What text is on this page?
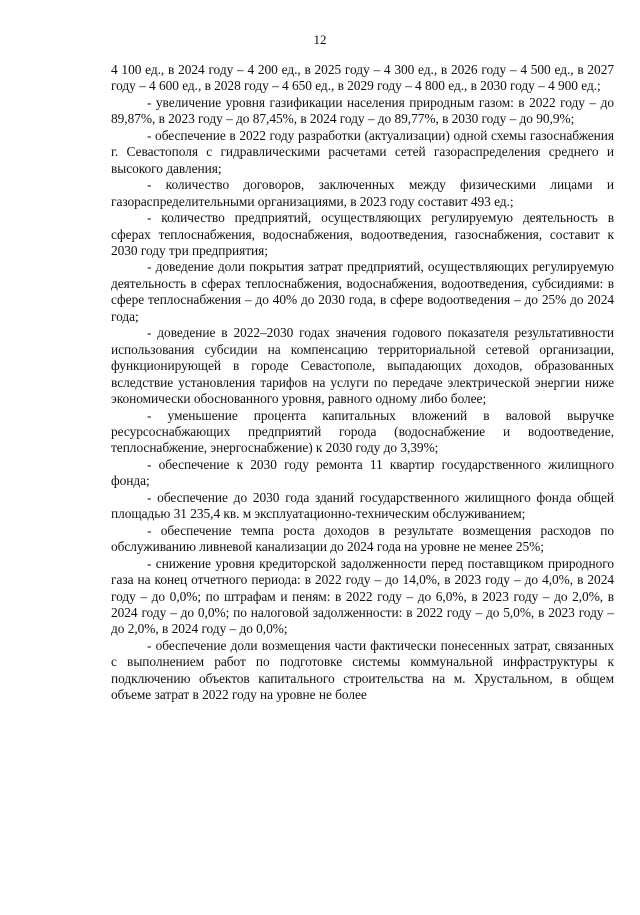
12

4 100 ед., в 2024 году – 4 200 ед., в 2025 году – 4 300 ед., в 2026 году – 4 500 ед., в 2027 году – 4 600 ед., в 2028 году – 4 650 ед., в 2029 году – 4 800 ед., в 2030 году – 4 900 ед.;

- увеличение уровня газификации населения природным газом: в 2022 году – до 89,87%, в 2023 году – до 87,45%, в 2024 году – до 89,77%, в 2030 году – до 90,9%;

- обеспечение в 2022 году разработки (актуализации) одной схемы газоснабжения г. Севастополя с гидравлическими расчетами сетей газораспределения среднего и высокого давления;

- количество договоров, заключенных между физическими лицами и газораспределительными организациями, в 2023 году составит 493 ед.;

- количество предприятий, осуществляющих регулируемую деятельность в сферах теплоснабжения, водоснабжения, водоотведения, газоснабжения, составит к 2030 году три предприятия;

- доведение доли покрытия затрат предприятий, осуществляющих регулируемую деятельность в сферах теплоснабжения, водоснабжения, водоотведения, субсидиями: в сфере теплоснабжения – до 40% до 2030 года, в сфере водоотведения – до 25% до 2024 года;

- доведение в 2022–2030 годах значения годового показателя результативности использования субсидии на компенсацию территориальной сетевой организации, функционирующей в городе Севастополе, выпадающих доходов, образованных вследствие установления тарифов на услуги по передаче электрической энергии ниже экономически обоснованного уровня, равного одному либо более;

- уменьшение процента капитальных вложений в валовой выручке ресурсоснабжающих предприятий города (водоснабжение и водоотведение, теплоснабжение, энергоснабжение) к 2030 году до 3,39%;

- обеспечение к 2030 году ремонта 11 квартир государственного жилищного фонда;

- обеспечение до 2030 года зданий государственного жилищного фонда общей площадью 31 235,4 кв. м эксплуатационно-техническим обслуживанием;

- обеспечение темпа роста доходов в результате возмещения расходов по обслуживанию ливневой канализации до 2024 года на уровне не менее 25%;

- снижение уровня кредиторской задолженности перед поставщиком природного газа на конец отчетного периода: в 2022 году – до 14,0%, в 2023 году – до 4,0%, в 2024 году – до 0,0%; по штрафам и пеням: в 2022 году – до 6,0%, в 2023 году – до 2,0%, в 2024 году – до 0,0%; по налоговой задолженности: в 2022 году – до 5,0%, в 2023 году – до 2,0%, в 2024 году – до 0,0%;

- обеспечение доли возмещения части фактически понесенных затрат, связанных с выполнением работ по подготовке системы коммунальной инфраструктуры к подключению объектов капитального строительства на м. Хрустальном, в общем объеме затрат в 2022 году на уровне не более
